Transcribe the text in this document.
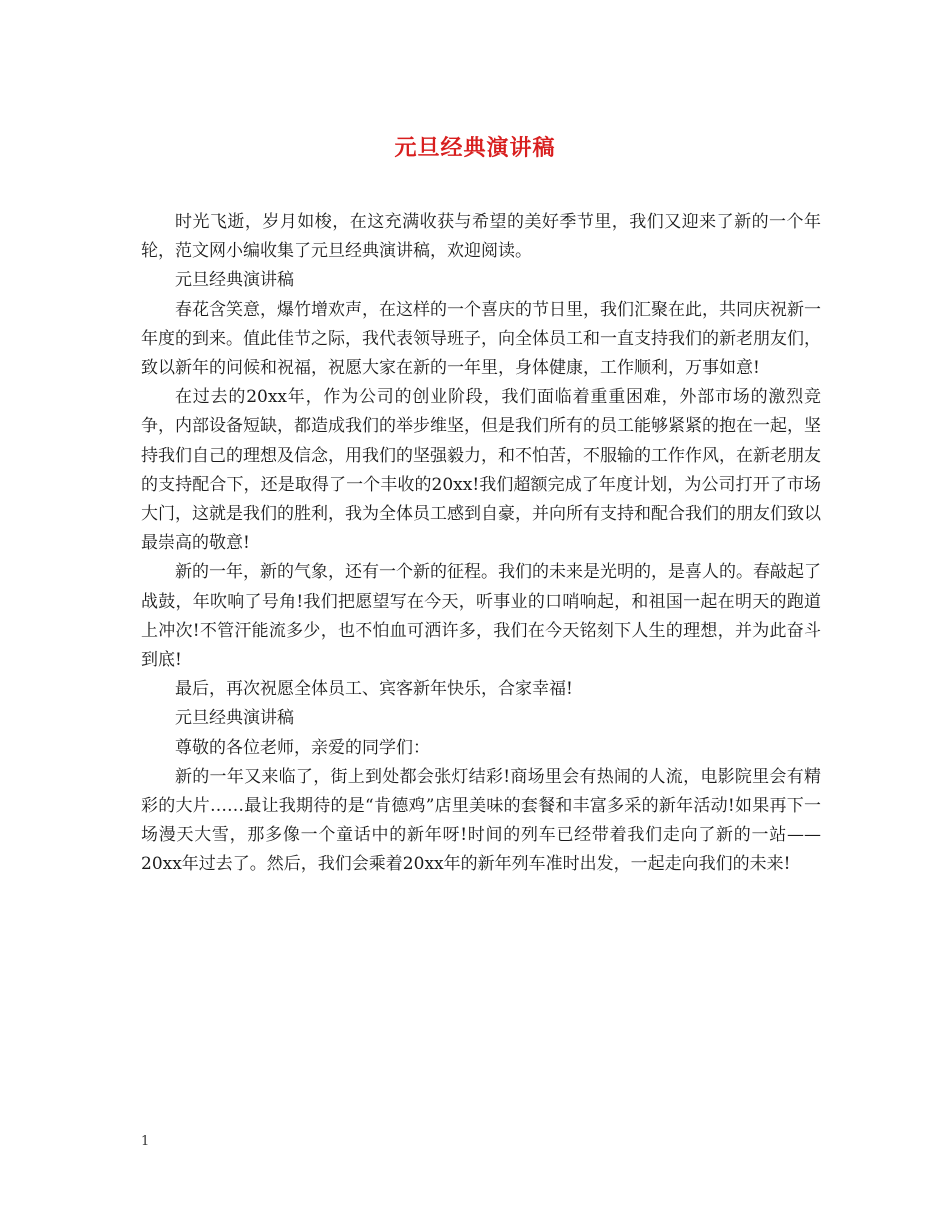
元旦经典演讲稿

时光飞逝，岁月如梭，在这充满收获与希望的美好季节里，我们又迎来了新的一个年轮，范文网小编收集了元旦经典演讲稿，欢迎阅读。

元旦经典演讲稿

春花含笑意，爆竹增欢声，在这样的一个喜庆的节日里，我们汇聚在此，共同庆祝新一年度的到来。值此佳节之际，我代表领导班子，向全体员工和一直支持我们的新老朋友们，致以新年的问候和祝福，祝愿大家在新的一年里，身体健康，工作顺利，万事如意!

在过去的20xx年，作为公司的创业阶段，我们面临着重重困难，外部市场的激烈竞争，内部设备短缺，都造成我们的举步维坚，但是我们所有的员工能够紧紧的抱在一起，坚持我们自己的理想及信念，用我们的坚强毅力，和不怕苦，不服输的工作作风，在新老朋友的支持配合下，还是取得了一个丰收的20xx!我们超额完成了年度计划，为公司打开了市场大门，这就是我们的胜利，我为全体员工感到自豪，并向所有支持和配合我们的朋友们致以最崇高的敬意!

新的一年，新的气象，还有一个新的征程。我们的未来是光明的，是喜人的。春敲起了战鼓，年吹响了号角!我们把愿望写在今天，听事业的口哨响起，和祖国一起在明天的跑道上冲次!不管汗能流多少，也不怕血可洒许多，我们在今天铭刻下人生的理想，并为此奋斗到底!

最后，再次祝愿全体员工、宾客新年快乐，合家幸福!

元旦经典演讲稿

尊敬的各位老师，亲爱的同学们：

新的一年又来临了，街上到处都会张灯结彩!商场里会有热闹的人流，电影院里会有精彩的大片……最让我期待的是“肯德鸡”店里美味的套餐和丰富多采的新年活动!如果再下一场漫天大雪，那多像一个童话中的新年呀!时间的列车已经带着我们走向了新的一站——20xx年过去了。然后，我们会乘着20xx年的新年列车准时出发，一起走向我们的未来!

1
